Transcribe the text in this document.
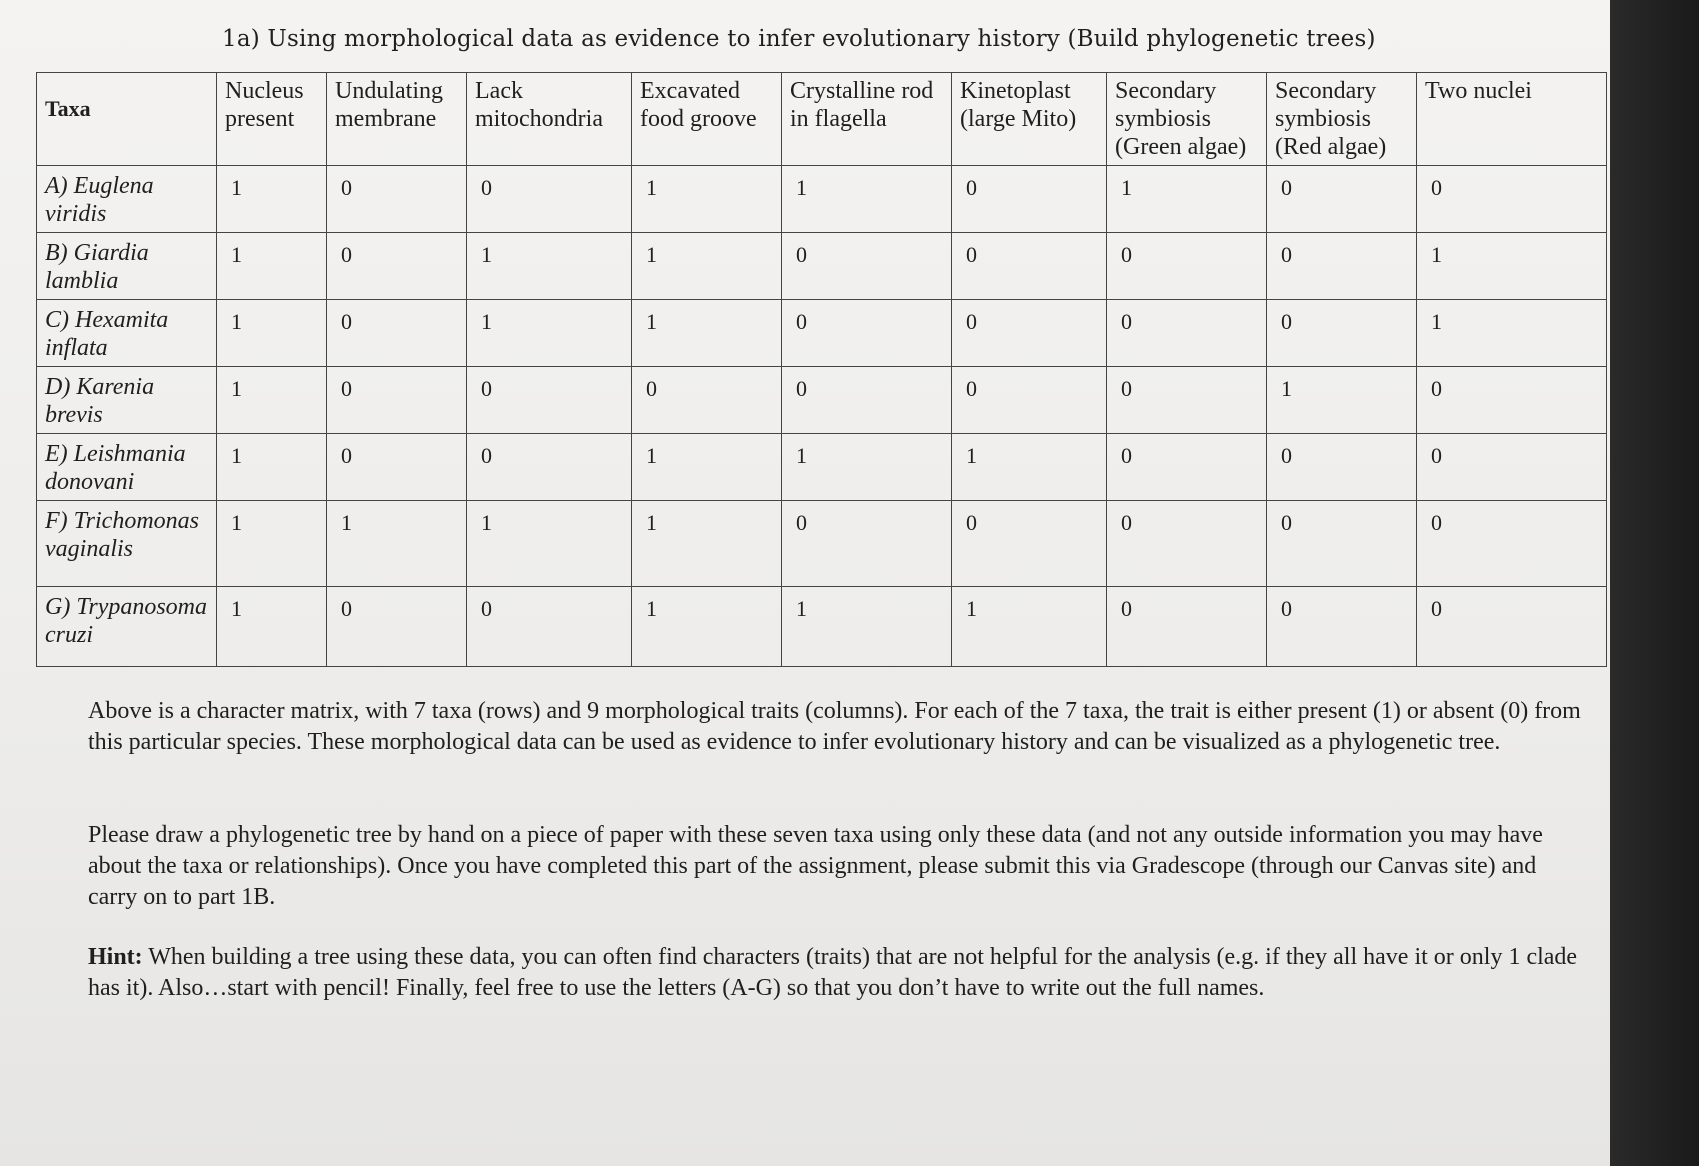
1a) Using morphological data as evidence to infer evolutionary history (Build phylogenetic trees)
Taxa	Nucleus present	Undulating membrane	Lack mitochondria	Excavated food groove	Crystalline rod in flagella	Kinetoplast (large Mito)	Secondary symbiosis (Green algae)	Secondary symbiosis (Red algae)	Two nuclei
A) Euglena viridis	1	0	0	1	1	0	1	0	0
B) Giardia lamblia	1	0	1	1	0	0	0	0	1
C) Hexamita inflata	1	0	1	1	0	0	0	0	1
D) Karenia brevis	1	0	0	0	0	0	0	1	0
E) Leishmania donovani	1	0	0	1	1	1	0	0	0
F) Trichomonas vaginalis	1	1	1	1	0	0	0	0	0
G) Trypanosoma cruzi	1	0	0	1	1	1	0	0	0
Above is a character matrix, with 7 taxa (rows) and 9 morphological traits (columns). For each of the 7 taxa, the trait is either present (1) or absent (0) from this particular species. These morphological data can be used as evidence to infer evolutionary history and can be visualized as a phylogenetic tree.
Please draw a phylogenetic tree by hand on a piece of paper with these seven taxa using only these data (and not any outside information you may have about the taxa or relationships). Once you have completed this part of the assignment, please submit this via Gradescope (through our Canvas site) and carry on to part 1B.
Hint: When building a tree using these data, you can often find characters (traits) that are not helpful for the analysis (e.g. if they all have it or only 1 clade has it). Also…start with pencil! Finally, feel free to use the letters (A-G) so that you don’t have to write out the full names.
